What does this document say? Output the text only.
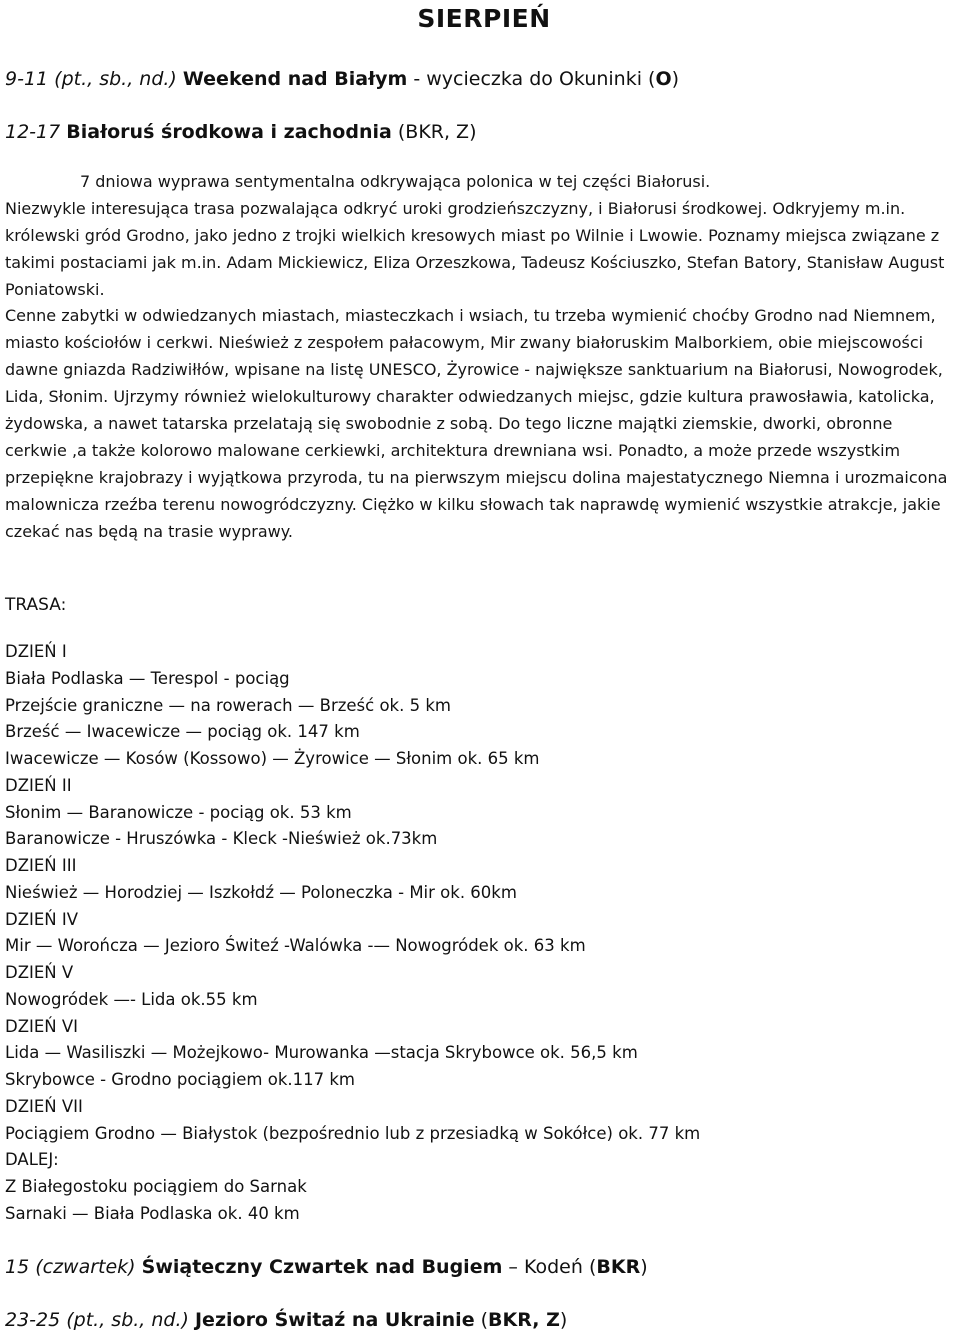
SIERPIEŃ
9-11 (pt., sb., nd.) Weekend nad Białym - wycieczka do Okuninki (O)
12-17 Białoruś środkowa i zachodnia (BKR, Z)
7 dniowa wyprawa sentymentalna odkrywająca polonica w tej części Białorusi.
Niezwykle interesująca trasa pozwalająca odkryć uroki grodzieńszczyzny, i Białorusi środkowej. Odkryjemy m.in. królewski gród Grodno, jako jedno z trojki wielkich kresowych miast po Wilnie i Lwowie. Poznamy miejsca związane z takimi postaciami jak m.in. Adam Mickiewicz, Eliza Orzeszkowa, Tadeusz Kościuszko, Stefan Batory, Stanisław August Poniatowski.
Cenne zabytki w odwiedzanych miastach, miasteczkach i wsiach, tu trzeba wymienić choćby Grodno nad Niemnem, miasto kościołów i cerkwi. Nieśwież z zespołem pałacowym, Mir zwany białoruskim Malborkiem, obie miejscowości dawne gniazda Radziwiłłów, wpisane na listę UNESCO, Żyrowice - największe sanktuarium na Białorusi, Nowogrodek, Lida, Słonim. Ujrzymy również wielokulturowy charakter odwiedzanych miejsc, gdzie kultura prawosławia, katolicka, żydowska, a nawet tatarska przelatają się swobodnie z sobą. Do tego liczne majątki ziemskie, dworki, obronne cerkwie ,a także kolorowo malowane cerkiewki, architektura drewniana wsi. Ponadto, a może przede wszystkim przepiękne krajobrazy i wyjątkowa przyroda, tu na pierwszym miejscu dolina majestatycznego Niemna i urozmaicona malownicza rzeźba terenu nowogródczyzny. Ciężko w kilku słowach tak naprawdę wymienić wszystkie atrakcje, jakie czekać nas będą na trasie wyprawy.
TRASA:
DZIEŃ I
Biała Podlaska — Terespol - pociąg
Przejście graniczne — na rowerach — Brześć ok. 5 km
Brześć — Iwacewicze — pociąg ok. 147 km
Iwacewicze — Kosów (Kossowo) — Żyrowice — Słonim ok. 65 km
DZIEŃ II
Słonim — Baranowicze - pociąg ok. 53 km
Baranowicze - Hruszówka - Kleck -Nieśwież ok.73km
DZIEŃ III
Nieśwież — Horodziej — Iszkołdź — Poloneczka - Mir ok. 60km
DZIEŃ IV
Mir — Worończa — Jezioro Świteź -Walówka -— Nowogródek ok. 63 km
DZIEŃ V
Nowogródek —- Lida ok.55 km
DZIEŃ VI
Lida — Wasiliszki — Możejkowo- Murowanka —stacja Skrybowce ok. 56,5 km
Skrybowce - Grodno pociągiem ok.117 km
DZIEŃ VII
Pociągiem Grodno — Białystok (bezpośrednio lub z przesiadką w Sokółce) ok. 77 km
DALEJ:
Z Białegostoku pociągiem do Sarnak
Sarnaki — Biała Podlaska ok. 40 km
15 (czwartek) Świąteczny Czwartek nad Bugiem – Kodeń (BKR)
23-25 (pt., sb., nd.) Jezioro Świtaź na Ukrainie (BKR, Z)
